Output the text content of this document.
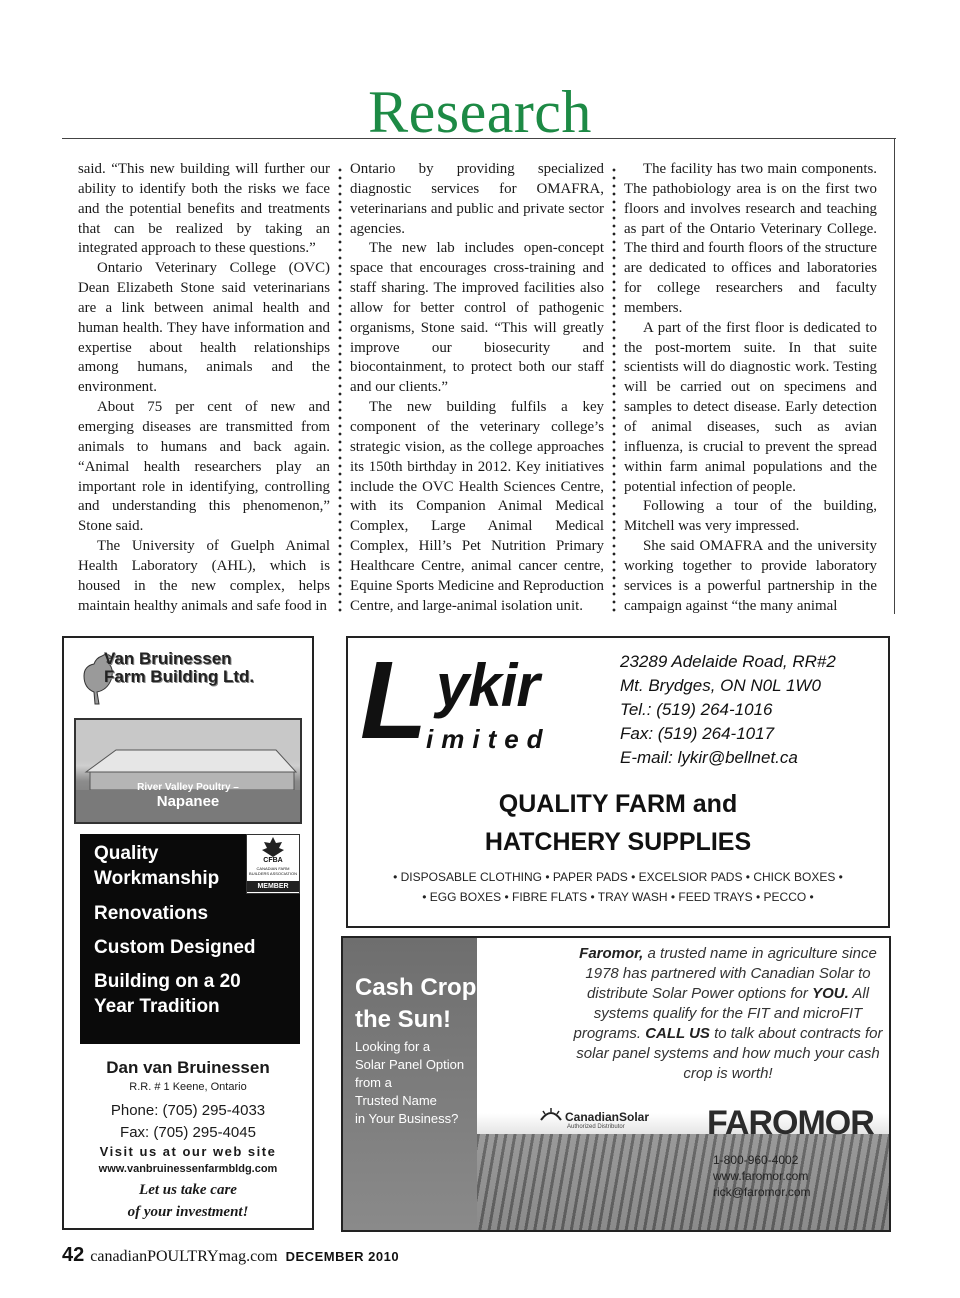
Research

said. “This new building will further our ability to identify both the risks we face and the potential benefits and treatments that can be realized by taking an integrated approach to these questions.”

Ontario Veterinary College (OVC) Dean Elizabeth Stone said veterinarians are a link between animal health and human health. They have information and expertise about health relationships among humans, animals and the environment.

About 75 per cent of new and emerging diseases are transmitted from animals to humans and back again. “Animal health researchers play an important role in identifying, controlling and understanding this phenomenon,” Stone said.

The University of Guelph Animal Health Laboratory (AHL), which is housed in the new complex, helps maintain healthy animals and safe food in

Ontario by providing specialized diagnostic services for OMAFRA, veterinarians and public and private sector agencies.

The new lab includes open-concept space that encourages cross-training and staff sharing. The improved facilities also allow for better control of pathogenic organisms, Stone said. “This will greatly improve our biosecurity and biocontainment, to protect both our staff and our clients.”

The new building fulfils a key component of the veterinary college’s strategic vision, as the college approaches its 150th birthday in 2012. Key initiatives include the OVC Health Sciences Centre, with its Companion Animal Medical Complex, Large Animal Medical Complex, Hill’s Pet Nutrition Primary Healthcare Centre, animal cancer centre, Equine Sports Medicine and Reproduction Centre, and large-animal isolation unit.

The facility has two main components. The pathobiology area is on the first two floors and involves research and teaching as part of the Ontario Veterinary College. The third and fourth floors of the structure are dedicated to offices and laboratories for college researchers and faculty members.

A part of the first floor is dedicated to the post-mortem suite. In that suite scientists will do diagnostic work. Testing will be carried out on specimens and samples to detect disease. Early detection of animal diseases, such as avian influenza, is crucial to prevent the spread within farm animal populations and the potential infection of people.

Following a tour of the building, Mitchell was very impressed.

She said OMAFRA and the university working together to provide laboratory services is a powerful partnership in the campaign against “the many animal

Van Bruinessen
Farm Building Ltd.
River Valley Poultry –
Napanee
Quality
Workmanship
Renovations
Custom Designed
Building on a 20
Year Tradition
CFBA
CANADIAN FARM BUILDERS ASSOCIATION
MEMBER
Dan van Bruinessen
R.R. # 1 Keene, Ontario
Phone: (705) 295-4033
Fax: (705) 295-4045
Visit us at our web site
www.vanbruinessenfarmbldg.com
Let us take care
of your investment!
L ykir
imited
23289 Adelaide Road, RR#2
Mt. Brydges, ON N0L 1W0
Tel.: (519) 264-1016
Fax: (519) 264-1017
E-mail: lykir@bellnet.ca
QUALITY FARM and
HATCHERY SUPPLIES
• DISPOSABLE CLOTHING • PAPER PADS • EXCELSIOR PADS • CHICK BOXES •
• EGG BOXES • FIBRE FLATS • TRAY WASH • FEED TRAYS • PECCO •
Cash Crop
the Sun!
Looking for a
Solar Panel Option
from a
Trusted Name
in Your Business?
Faromor, a trusted name in agriculture since 1978 has partnered with Canadian Solar to distribute Solar Power options for YOU. All systems qualify for the FIT and microFIT programs. CALL US to talk about contracts for solar panel systems and how much your cash crop is worth!
CanadianSolar
Authorized Distributor FAROMOR
1-800-960-4002
www.faromor.com
rick@faromor.com
42 canadianPOULTRYmag.com DECEMBER 2010
